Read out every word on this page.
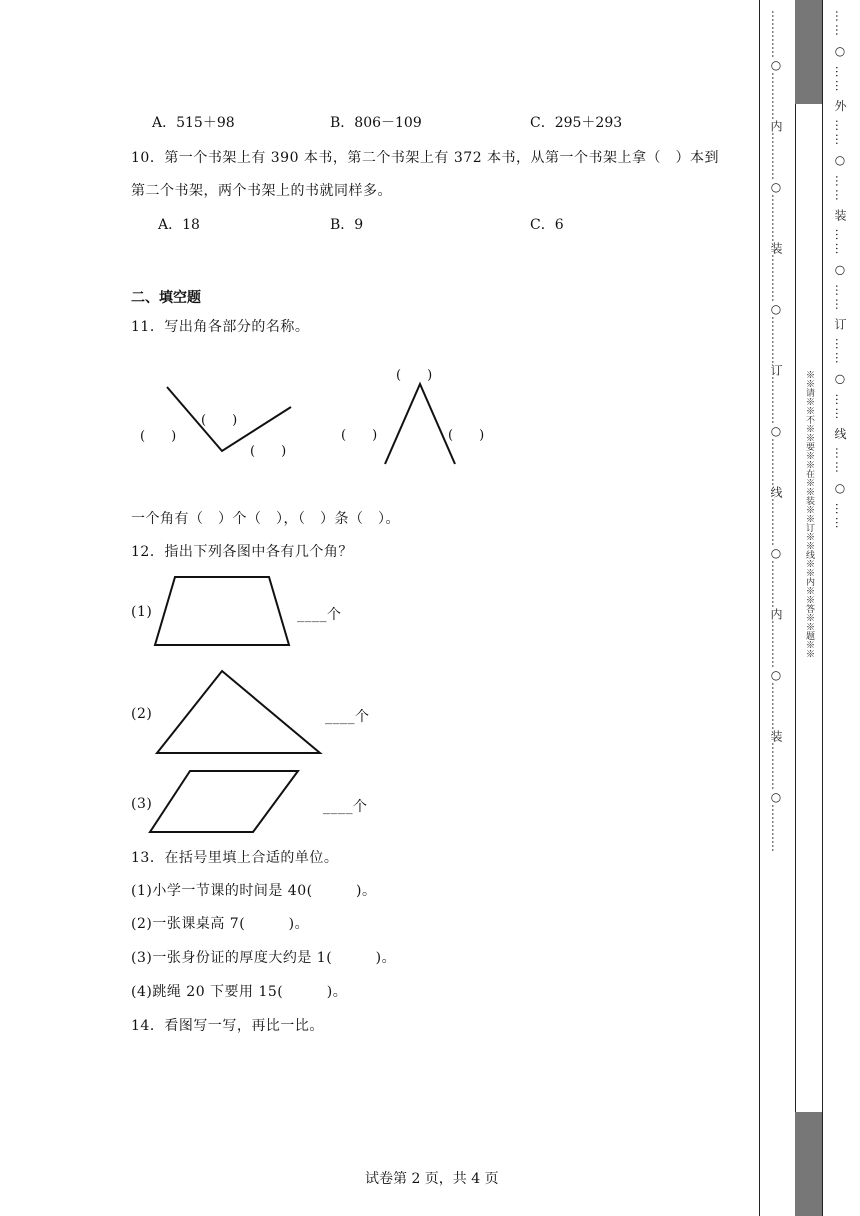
A．515＋98	B．806－109	C．295＋293
10．第一个书架上有 390 本书，第二个书架上有 372 本书，从第一个书架上拿（　）本到
第二个书架，两个书架上的书就同样多。
A．18	B．9	C．6
二、填空题
11．写出角各部分的名称。
(　　)
(　　)
(　　)
(　　)
(　　)
(　　)
一个角有（　）个（　），（　）条（　）。
12．指出下列各图中各有几个角？
(1)	____个
(2)	____个
(3)	____个
13．在括号里填上合适的单位。
(1)小学一节课的时间是 40(　　　)。
(2)一张课桌高 7(　　　)。
(3)一张身份证的厚度大约是 1(　　　)。
(4)跳绳 20 下要用 15(　　　)。
14．看图写一写，再比一比。
试卷第 2 页，共 4 页
…………○…………内…………○…………装…………○…………订…………○…………线…………○…………内…………○…………装…………○………… ※※请※※不※※要※※在※※装※※订※※线※※内※※答※※题※※ …… ○ …… 外 …… ○ …… 装 …… ○ …… 订 …… ○ …… 线 …… ○ ……
